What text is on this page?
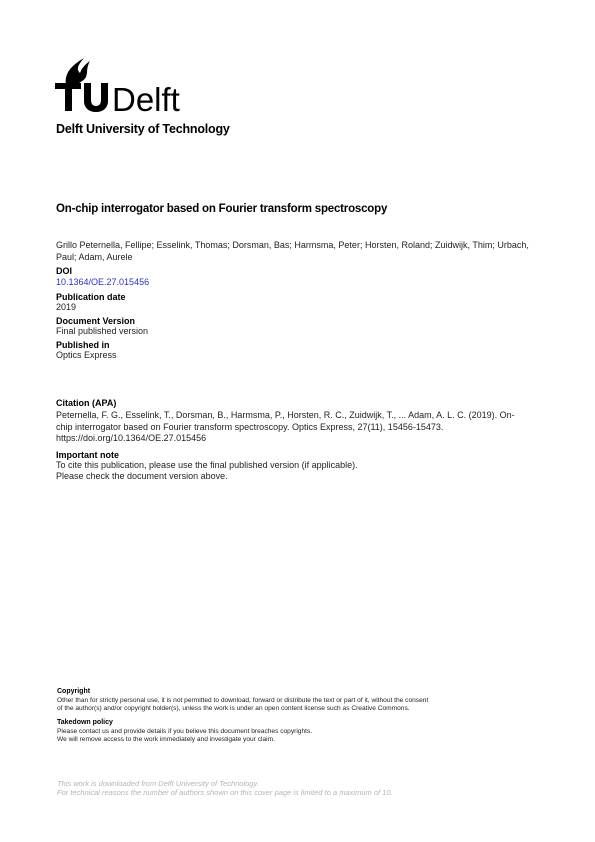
Delft
Delft University of Technology
On-chip interrogator based on Fourier transform spectroscopy
Grillo Peternella, Fellipe; Esselink, Thomas; Dorsman, Bas; Harmsma, Peter; Horsten, Roland; Zuidwijk, Thim; Urbach, Paul; Adam, Aurele
DOI
10.1364/OE.27.015456
Publication date
2019
Document Version
Final published version
Published in
Optics Express
Citation (APA)
Peternella, F. G., Esselink, T., Dorsman, B., Harmsma, P., Horsten, R. C., Zuidwijk, T., ... Adam, A. L. C. (2019). On-chip interrogator based on Fourier transform spectroscopy. Optics Express, 27(11), 15456-15473. https://doi.org/10.1364/OE.27.015456
Important note
To cite this publication, please use the final published version (if applicable).
Please check the document version above.
Copyright
Other than for strictly personal use, it is not permitted to download, forward or distribute the text or part of it, without the consent
of the author(s) and/or copyright holder(s), unless the work is under an open content license such as Creative Commons.
Takedown policy
Please contact us and provide details if you believe this document breaches copyrights.
We will remove access to the work immediately and investigate your claim.
This work is downloaded from Delft University of Technology.
For technical reasons the number of authors shown on this cover page is limited to a maximum of 10.
